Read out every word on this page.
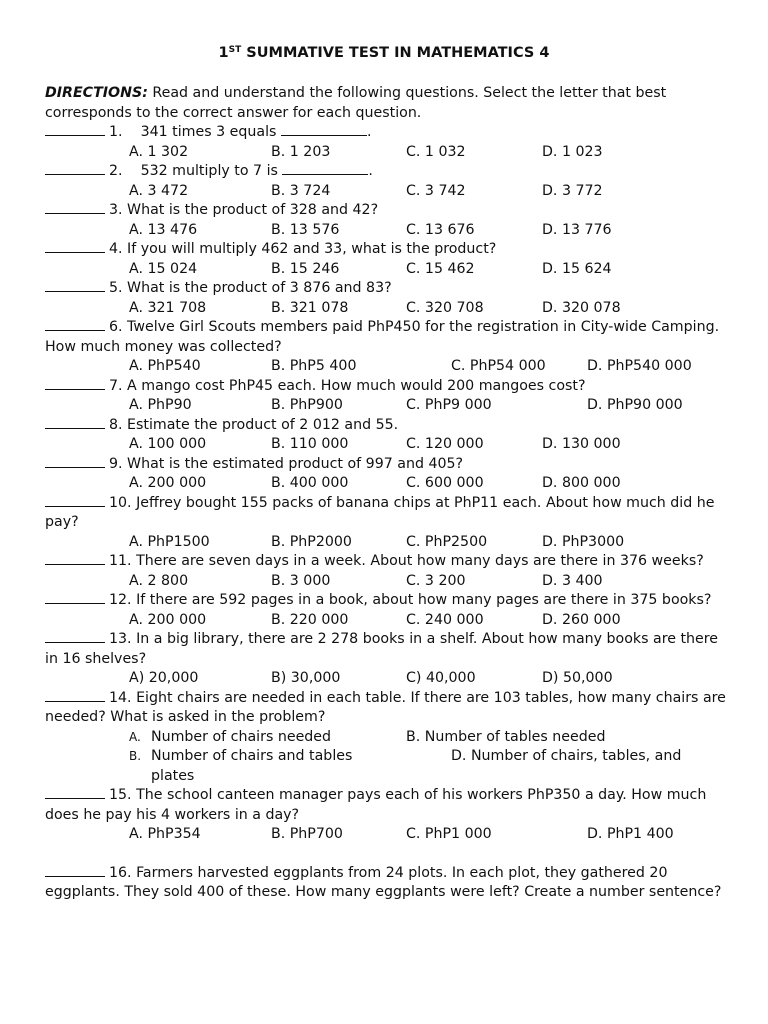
1ST SUMMATIVE TEST IN MATHEMATICS 4
DIRECTIONS: Read and understand the following questions. Select the letter that best corresponds to the correct answer for each question.
1.    341 times 3 equals	.
A. 1 302	B. 1 203	C. 1 032	D. 1 023
2.    532 multiply to 7 is	.
A. 3 472	B. 3 724	C. 3 742	D. 3 772
3. What is the product of 328 and 42?
A. 13 476	B. 13 576	C. 13 676	D. 13 776
4. If you will multiply 462 and 33, what is the product?
A. 15 024	B. 15 246	C. 15 462	D. 15 624
5. What is the product of 3 876 and 83?
A. 321 708	B. 321 078	C. 320 708	D. 320 078
6. Twelve Girl Scouts members paid PhP450 for the registration in City-wide Camping. How much money was collected?
A. PhP540	B. PhP5 400	C. PhP54 000	D. PhP540 000
7. A mango cost PhP45 each. How much would 200 mangoes cost?
A. PhP90	B. PhP900	C. PhP9 000	D. PhP90 000
8. Estimate the product of 2 012 and 55.
A. 100 000	B. 110 000	C. 120 000	D. 130 000
9. What is the estimated product of 997 and 405?
A. 200 000	B. 400 000	C. 600 000	D. 800 000
10. Jeffrey bought 155 packs of banana chips at PhP11 each. About how much did he pay?
A. PhP1500	B. PhP2000	C. PhP2500	D. PhP3000
11. There are seven days in a week. About how many days are there in 376 weeks?
A. 2 800	B. 3 000	C. 3 200	D. 3 400
12. If there are 592 pages in a book, about how many pages are there in 375 books?
A. 200 000	B. 220 000	C. 240 000	D. 260 000
13. In a big library, there are 2 278 books in a shelf. About how many books are there in 16 shelves?
A) 20,000	B) 30,000	C) 40,000	D) 50,000
14. Eight chairs are needed in each table. If there are 103 tables, how many chairs are needed? What is asked in the problem?
A. Number of chairs needed	B. Number of tables needed
B. Number of chairs and tables	D. Number of chairs, tables, and
plates
15. The school canteen manager pays each of his workers PhP350 a day. How much does he pay his 4 workers in a day?
A. PhP354	B. PhP700	C. PhP1 000	D. PhP1 400
16. Farmers harvested eggplants from 24 plots. In each plot, they gathered 20 eggplants. They sold 400 of these. How many eggplants were left? Create a number sentence?
